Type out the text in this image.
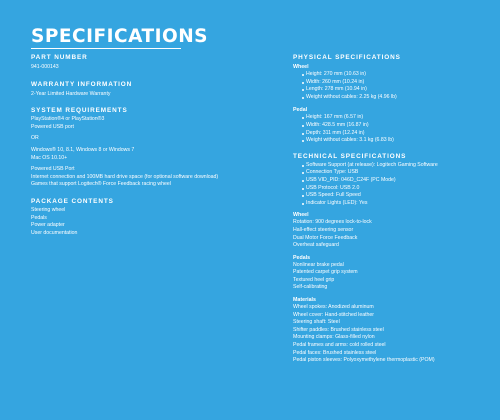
SPECIFICATIONS
PART NUMBER
941-000143
WARRANTY INFORMATION
2-Year Limited Hardware Warranty
SYSTEM REQUIREMENTS
PlayStation®4 or PlayStation®3
Powered USB port
OR
Windows® 10, 8.1, Windows 8 or Windows 7
Mac OS 10.10+
Powered USB Port
Internet connection and 100MB hard drive space (for optional software download)
Games that support Logitech® Force Feedback racing wheel
PACKAGE CONTENTS
Steering wheel
Pedals
Power adapter
User documentation
PHYSICAL SPECIFICATIONS
Wheel
Height: 270 mm (10.63 in)
Width: 260 mm (10.24 in)
Length: 278 mm (10.94 in)
Weight without cables: 2.25 kg (4.96 lb)
Pedal
Height: 167 mm (6.57 in)
Width: 428.5 mm (16.87 in)
Depth: 311 mm (12.24 in)
Weight without cables: 3.1 kg (6.83 lb)
TECHNICAL SPECIFICATIONS
Software Support (at release): Logitech Gaming Software
Connection Type: USB
USB VID_PID: 046D_C24F (PC Mode)
USB Protocol: USB 2.0
USB Speed: Full Speed
Indicator Lights (LED): Yes
Wheel
Rotation: 900 degrees lock-to-lock
Hall-effect steering sensor
Dual Motor Force Feedback
Overheat safeguard
Pedals
Nonlinear brake pedal
Patented carpet grip system
Textured heel grip
Self-calibrating
Materials
Wheel spokes: Anodized aluminum
Wheel cover: Hand-stitched leather
Steering shaft: Steel
Shifter paddles: Brushed stainless steel
Mounting clamps: Glass-filled nylon
Pedal frames and arms: cold rolled steel
Pedal faces: Brushed stainless steel
Pedal piston sleeves: Polyoxymethylene thermoplastic (POM)
